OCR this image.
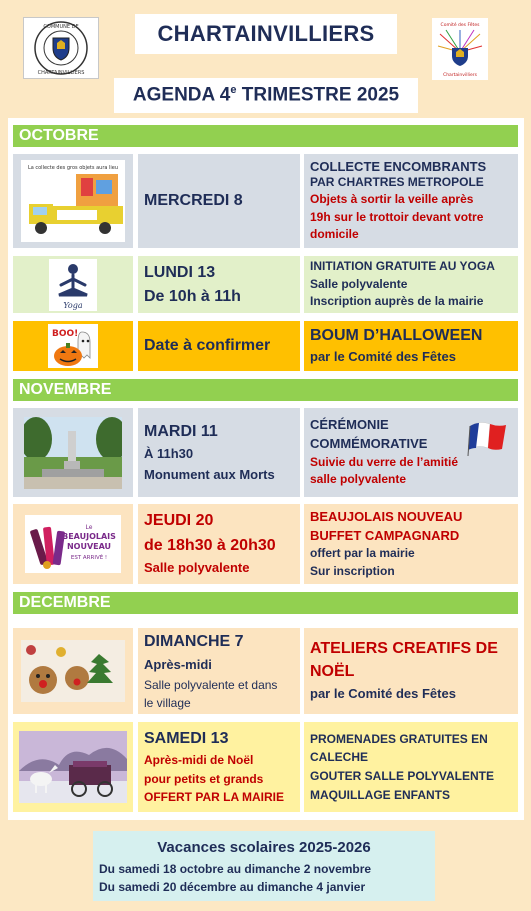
COMMUNE DE
CHARTAINVILLIERS
CHARTAINVILLIERS	Comité des Fêtes
Chartainvilliers
AGENDA 4e TRIMESTRE 2025
OCTOBRE
La collecte des gros objets aura lieu
MERCREDI 8
COLLECTE ENCOMBRANTS
PAR CHARTRES METROPOLE
Objets à sortir la veille après
19h sur le trottoir devant votre
domicile
Yoga
LUNDI 13
De 10h à 11h
INITIATION GRATUITE AU YOGA
Salle polyvalente
Inscription auprès de la mairie
BOO!
Date à confirmer
BOUM D’HALLOWEEN
par le Comité des Fêtes
NOVEMBRE
MARDI 11
À 11h30
Monument aux Morts
CÉRÉMONIE
COMMÉMORATIVE
Suivie du verre de l’amitié
salle polyvalente
Le
BEAUJOLAIS
NOUVEAU
EST ARRIVÉ !
JEUDI 20
de 18h30 à 20h30
Salle polyvalente
BEAUJOLAIS NOUVEAU
BUFFET CAMPAGNARD
offert par la mairie
Sur inscription
DECEMBRE
DIMANCHE 7
Après-midi
Salle polyvalente et dans
le village
ATELIERS CREATIFS DE
NOËL
par le Comité des Fêtes
SAMEDI 13
Après-midi de Noël
pour petits et grands
OFFERT PAR LA MAIRIE
PROMENADES GRATUITES EN
CALECHE
GOUTER SALLE POLYVALENTE
MAQUILLAGE ENFANTS
Vacances scolaires 2025-2026
Du samedi 18 octobre au dimanche 2 novembre
Du samedi 20 décembre au dimanche 4 janvier
